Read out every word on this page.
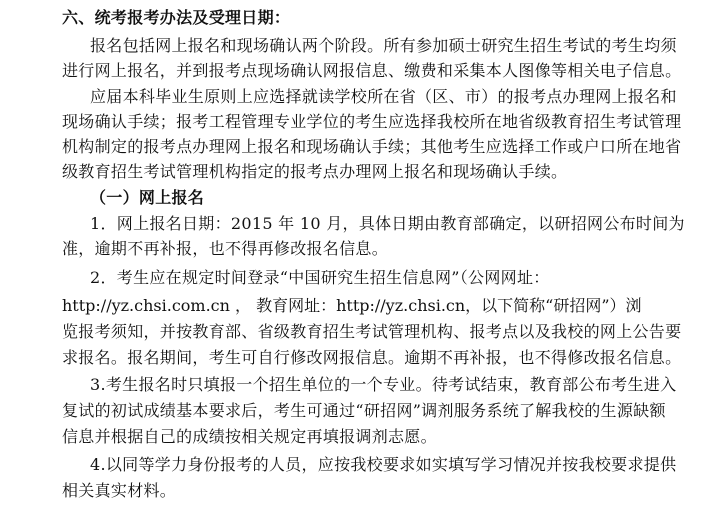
六、统考报考办法及受理日期：
报名包括网上报名和现场确认两个阶段。所有参加硕士研究生招生考试的考生均须
进行网上报名，并到报考点现场确认网报信息、缴费和采集本人图像等相关电子信息。
应届本科毕业生原则上应选择就读学校所在省（区、市）的报考点办理网上报名和
现场确认手续；报考工程管理专业学位的考生应选择我校所在地省级教育招生考试管理
机构制定的报考点办理网上报名和现场确认手续；其他考生应选择工作或户口所在地省
级教育招生考试管理机构指定的报考点办理网上报名和现场确认手续。
（一）网上报名
1．网上报名日期：2015 年 10 月，具体日期由教育部确定，以研招网公布时间为
准，逾期不再补报，也不得再修改报名信息。
2．考生应在规定时间登录“中国研究生招生信息网”（公网网址：
http://yz.chsi.com.cn ， 教育网址：http://yz.chsi.cn，以下简称“研招网”）浏
览报考须知，并按教育部、省级教育招生考试管理机构、报考点以及我校的网上公告要
求报名。报名期间，考生可自行修改网报信息。逾期不再补报，也不得修改报名信息。
3.考生报名时只填报一个招生单位的一个专业。待考试结束，教育部公布考生进入
复试的初试成绩基本要求后，考生可通过“研招网”调剂服务系统了解我校的生源缺额
信息并根据自己的成绩按相关规定再填报调剂志愿。
4.以同等学力身份报考的人员，应按我校要求如实填写学习情况并按我校要求提供
相关真实材料。
